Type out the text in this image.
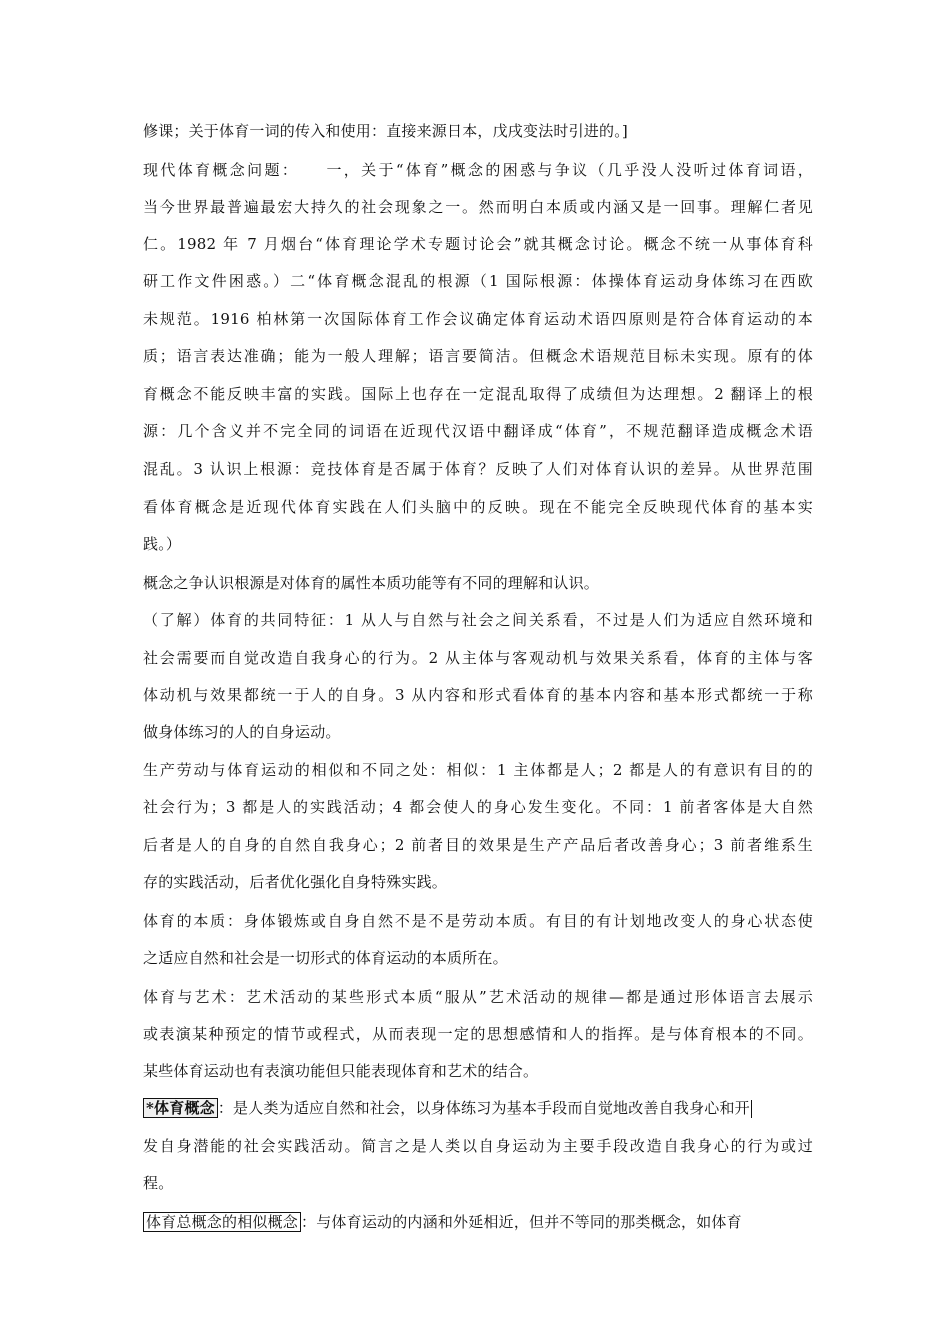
修课；关于体育一词的传入和使用：直接来源日本，戊戌变法时引进的。]
现代体育概念问题：　　一，关于“体育”概念的困惑与争议（几乎没人没听过体育词语，
当今世界最普遍最宏大持久的社会现象之一。然而明白本质或内涵又是一回事。理解仁者见
仁。1982 年 7 月烟台“体育理论学术专题讨论会”就其概念讨论。概念不统一从事体育科
研工作文件困惑。）二“体育概念混乱的根源（1 国际根源：体操体育运动身体练习在西欧
未规范。1916 柏林第一次国际体育工作会议确定体育运动术语四原则是符合体育运动的本
质；语言表达准确；能为一般人理解；语言要简洁。但概念术语规范目标未实现。原有的体
育概念不能反映丰富的实践。国际上也存在一定混乱取得了成绩但为达理想。2 翻译上的根
源：几个含义并不完全同的词语在近现代汉语中翻译成“体育”，不规范翻译造成概念术语
混乱。3 认识上根源：竞技体育是否属于体育？反映了人们对体育认识的差异。从世界范围
看体育概念是近现代体育实践在人们头脑中的反映。现在不能完全反映现代体育的基本实
践。）
概念之争认识根源是对体育的属性本质功能等有不同的理解和认识。
（了解）体育的共同特征：1 从人与自然与社会之间关系看，不过是人们为适应自然环境和
社会需要而自觉改造自我身心的行为。2 从主体与客观动机与效果关系看，体育的主体与客
体动机与效果都统一于人的自身。3 从内容和形式看体育的基本内容和基本形式都统一于称
做身体练习的人的自身运动。
生产劳动与体育运动的相似和不同之处：相似：1 主体都是人；2 都是人的有意识有目的的
社会行为；3 都是人的实践活动；4 都会使人的身心发生变化。不同：1 前者客体是大自然
后者是人的自身的自然自我身心；2 前者目的效果是生产产品后者改善身心；3 前者维系生
存的实践活动，后者优化强化自身特殊实践。
体育的本质：身体锻炼或自身自然不是不是劳动本质。有目的有计划地改变人的身心状态使
之适应自然和社会是一切形式的体育运动的本质所在。
体育与艺术：艺术活动的某些形式本质“服从”艺术活动的规律—都是通过形体语言去展示
或表演某种预定的情节或程式，从而表现一定的思想感情和人的指挥。是与体育根本的不同。
某些体育运动也有表演功能但只能表现体育和艺术的结合。
*体育概念 ：是人类为适应自然和社会，以身体练习为基本手段而自觉地改善自我身心和开
发自身潜能的社会实践活动。简言之是人类以自身运动为主要手段改造自我身心的行为或过
程。
体育总概念的相似概念 ：与体育运动的内涵和外延相近，但并不等同的那类概念，如体育
